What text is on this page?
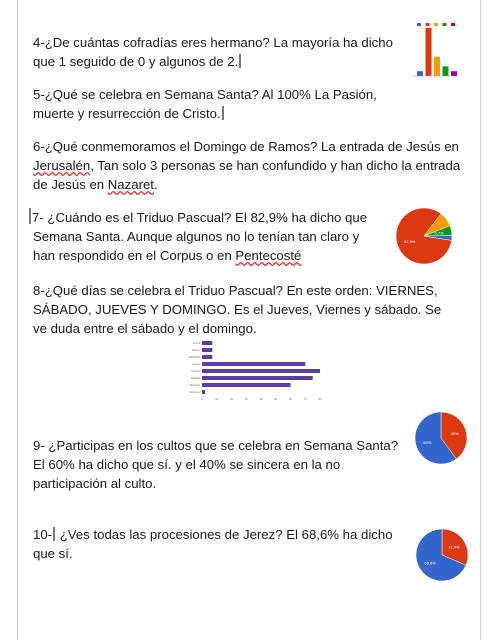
4-¿De cuántas cofradías eres hermano? La mayoría ha dicho que 1 seguido de 0 y algunos de 2.
5-¿Qué se celebra en Semana Santa? Al 100% La Pasión, muerte y resurrección de Cristo.
6-¿Qué conmemoramos el Domingo de Ramos? La entrada de Jesús en Jerusalén, Tan solo 3 personas se han confundido y han dicho la entrada de Jesús en Nazaret.
7- ¿Cuándo es el Triduo Pascual? El 82,9% ha dicho que Semana Santa. Aunque algunos no lo tenían tan claro y han respondido en el Corpus o en Pentecosté
82,9%
5,7%
8-¿Qué días se celebra el Triduo Pascual? En este orden: VIERNES, SÁBADO, JUEVES Y DOMINGO. Es el Jueves, Viernes y sábado. Se ve duda entre el sábado y el domingo.
Lunes
Martes
Miércoles
Jueves
Viernes
Sábado
Domingo
Ninguno
0	10	20	30	40	50	60	70	80
9- ¿Participas en los cultos que se celebra en Semana Santa? El 60% ha dicho que sí. y el 40% se sincera en la no participación al culto.
40%
60%
10- ¿Ves todas las procesiones de Jerez? El 68,6% ha dicho que sí.	31,4%
68,6%
